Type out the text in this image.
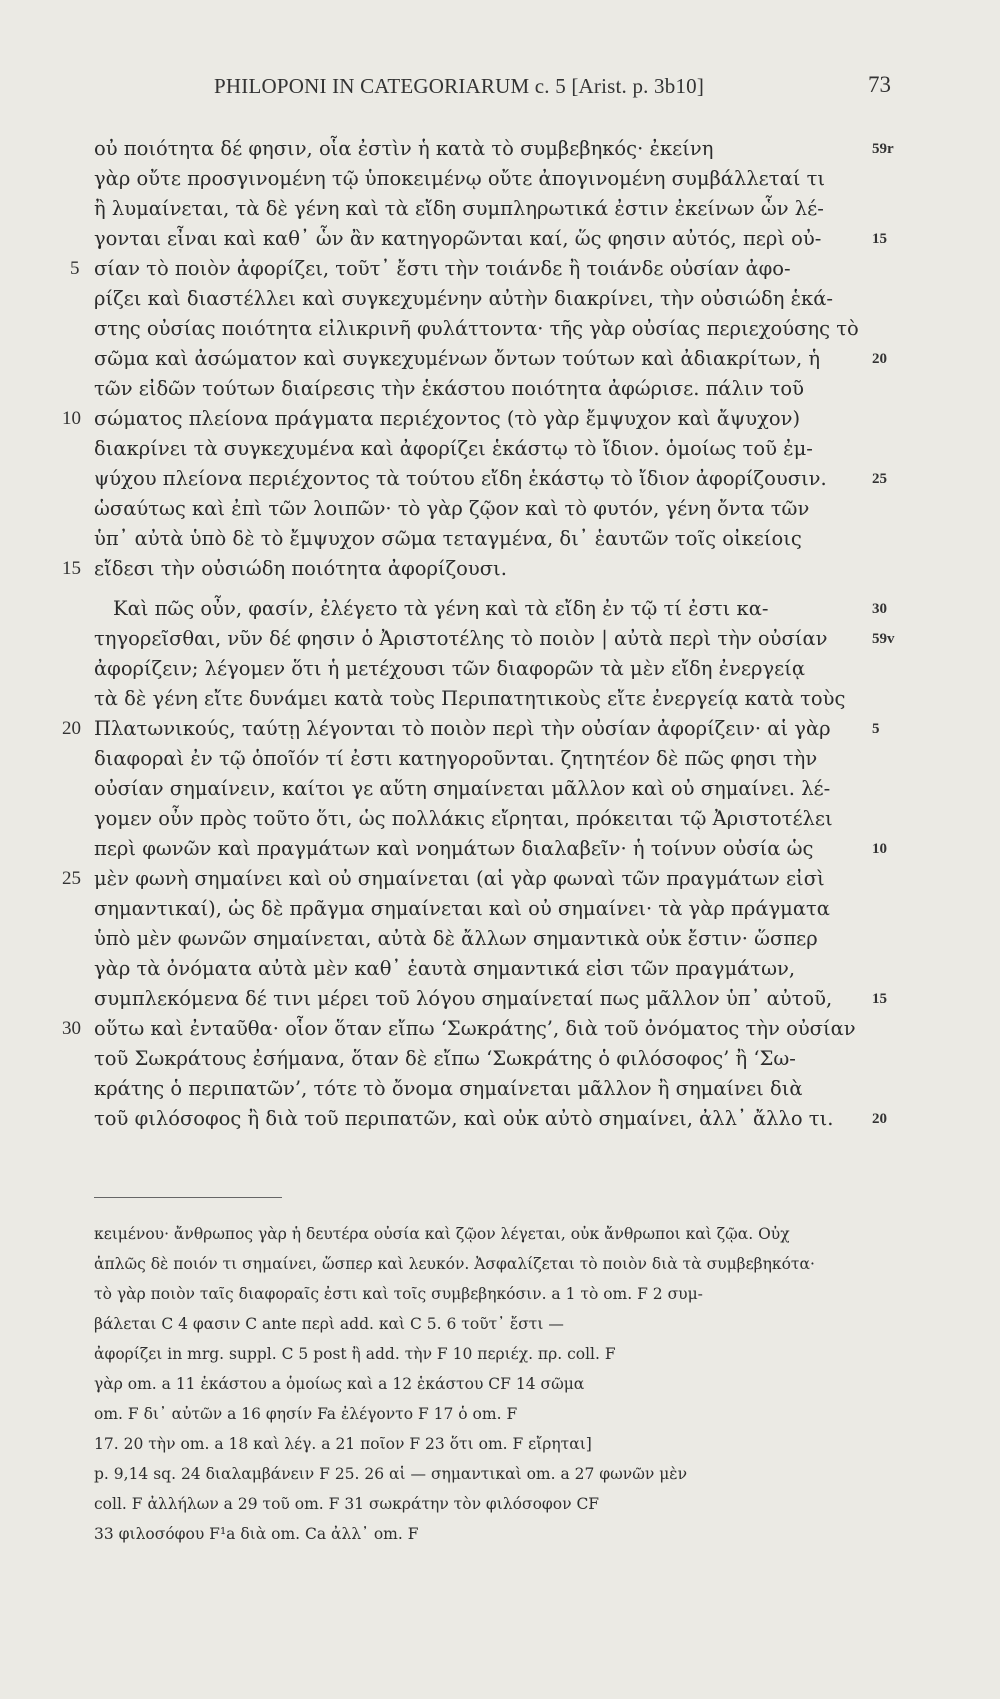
PHILOPONI IN CATEGORIARUM c. 5 [Arist. p. 3b10]	73
οὐ ποιότητα δέ φησιν, οἷα ἐστὶν ἡ κατὰ τὸ συμβεβηκός· ἐκείνη
γὰρ οὔτε προσγινομένη τῷ ὑποκειμένῳ οὔτε ἀπογινομένη συμβάλλεταί τι
ἢ λυμαίνεται, τὰ δὲ γένη καὶ τὰ εἴδη συμπληρωτικά ἐστιν ἐκείνων ὧν λέ-
γονται εἶναι καὶ καθ᾽ ὧν ἂν κατηγορῶνται καί, ὥς φησιν αὐτός, περὶ οὐ-
σίαν τὸ ποιὸν ἀφορίζει, τοῦτ᾽ ἔστι τὴν τοιάνδε ἢ τοιάνδε οὐσίαν ἀφο-
ρίζει καὶ διαστέλλει καὶ συγκεχυμένην αὐτὴν διακρίνει, τὴν οὐσιώδη ἑκά-
στης οὐσίας ποιότητα εἰλικρινῆ φυλάττοντα· τῆς γὰρ οὐσίας περιεχούσης τὸ
σῶμα καὶ ἀσώματον καὶ συγκεχυμένων ὄντων τούτων καὶ ἀδιακρίτων, ἡ
τῶν εἰδῶν τούτων διαίρεσις τὴν ἑκάστου ποιότητα ἀφώρισε. πάλιν τοῦ
σώματος πλείονα πράγματα περιέχοντος (τὸ γὰρ ἔμψυχον καὶ ἄψυχον)
διακρίνει τὰ συγκεχυμένα καὶ ἀφορίζει ἑκάστῳ τὸ ἴδιον. ὁμοίως τοῦ ἐμ-
ψύχου πλείονα περιέχοντος τὰ τούτου εἴδη ἑκάστῳ τὸ ἴδιον ἀφορίζουσιν.
ὡσαύτως καὶ ἐπὶ τῶν λοιπῶν· τὸ γὰρ ζῷον καὶ τὸ φυτόν, γένη ὄντα τῶν
ὑπ᾽ αὐτὰ ὑπὸ δὲ τὸ ἔμψυχον σῶμα τεταγμένα, δι᾽ ἑαυτῶν τοῖς οἰκείοις
εἴδεσι τὴν οὐσιώδη ποιότητα ἀφορίζουσι.
Καὶ πῶς οὖν, φασίν, ἐλέγετο τὰ γένη καὶ τὰ εἴδη ἐν τῷ τί ἐστι κα-
τηγορεῖσθαι, νῦν δέ φησιν ὁ Ἀριστοτέλης τὸ ποιὸν | αὐτὰ περὶ τὴν οὐσίαν
ἀφορίζειν; λέγομεν ὅτι ἡ μετέχουσι τῶν διαφορῶν τὰ μὲν εἴδη ἐνεργείᾳ
τὰ δὲ γένη εἴτε δυνάμει κατὰ τοὺς Περιπατητικοὺς εἴτε ἐνεργείᾳ κατὰ τοὺς
Πλατωνικούς, ταύτῃ λέγονται τὸ ποιὸν περὶ τὴν οὐσίαν ἀφορίζειν· αἱ γὰρ
διαφοραὶ ἐν τῷ ὁποῖόν τί ἐστι κατηγοροῦνται. ζητητέον δὲ πῶς φησι τὴν
οὐσίαν σημαίνειν, καίτοι γε αὕτη σημαίνεται μᾶλλον καὶ οὐ σημαίνει. λέ-
γομεν οὖν πρὸς τοῦτο ὅτι, ὡς πολλάκις εἴρηται, πρόκειται τῷ Ἀριστοτέλει
περὶ φωνῶν καὶ πραγμάτων καὶ νοημάτων διαλαβεῖν· ἡ τοίνυν οὐσία ὡς
μὲν φωνὴ σημαίνει καὶ οὐ σημαίνεται (αἱ γὰρ φωναὶ τῶν πραγμάτων εἰσὶ
σημαντικαί), ὡς δὲ πρᾶγμα σημαίνεται καὶ οὐ σημαίνει· τὰ γὰρ πράγματα
ὑπὸ μὲν φωνῶν σημαίνεται, αὐτὰ δὲ ἄλλων σημαντικὰ οὐκ ἔστιν· ὥσπερ
γὰρ τὰ ὀνόματα αὐτὰ μὲν καθ᾽ ἑαυτὰ σημαντικά εἰσι τῶν πραγμάτων,
συμπλεκόμενα δέ τινι μέρει τοῦ λόγου σημαίνεταί πως μᾶλλον ὑπ᾽ αὐτοῦ,
οὕτω καὶ ἐνταῦθα· οἷον ὅταν εἴπω ‘Σωκράτης’, διὰ τοῦ ὀνόματος τὴν οὐσίαν
τοῦ Σωκράτους ἐσήμανα, ὅταν δὲ εἴπω ‘Σωκράτης ὁ φιλόσοφος’ ἢ ‘Σω-
κράτης ὁ περιπατῶν’, τότε τὸ ὄνομα σημαίνεται μᾶλλον ἢ σημαίνει διὰ
τοῦ φιλόσοφος ἢ διὰ τοῦ περιπατῶν, καὶ οὐκ αὐτὸ σημαίνει, ἀλλ᾽ ἄλλο τι.
5
10
15
20
25
30
59r
15
20
25
30
59v
5
10
15
20
κειμένου· ἄνθρωπος γὰρ ἡ δευτέρα οὐσία καὶ ζῷον λέγεται, οὐκ ἄνθρωποι καὶ ζῷα. Οὐχ
ἁπλῶς δὲ ποιόν τι σημαίνει, ὥσπερ καὶ λευκόν. Ἀσφαλίζεται τὸ ποιὸν διὰ τὰ συμβεβηκότα·
τὸ γὰρ ποιὸν ταῖς διαφοραῖς ἐστι καὶ τοῖς συμβεβηκόσιν. a 1 τὸ om. F 2 συμ-
βάλεται C 4 φασιν C ante περὶ add. καὶ C 5. 6 τοῦτ᾽ ἔστι —
ἀφορίζει in mrg. suppl. C 5 post ἢ add. τὴν F 10 περιέχ. πρ. coll. F
γὰρ om. a 11 ἑκάστου a ὁμοίως καὶ a 12 ἑκάστου CF 14 σῶμα
om. F δι᾽ αὐτῶν a 16 φησίν Fa ἐλέγοντο F 17 ὁ om. F
17. 20 τὴν om. a 18 καὶ λέγ. a 21 ποῖον F 23 ὅτι om. F εἴρηται]
p. 9,14 sq. 24 διαλαμβάνειν F 25. 26 αἱ — σημαντικαὶ om. a 27 φωνῶν μὲν
coll. F ἀλλήλων a 29 τοῦ om. F 31 σωκράτην τὸν φιλόσοφον CF
33 φιλοσόφου F¹a διὰ om. Ca ἀλλ᾽ om. F
